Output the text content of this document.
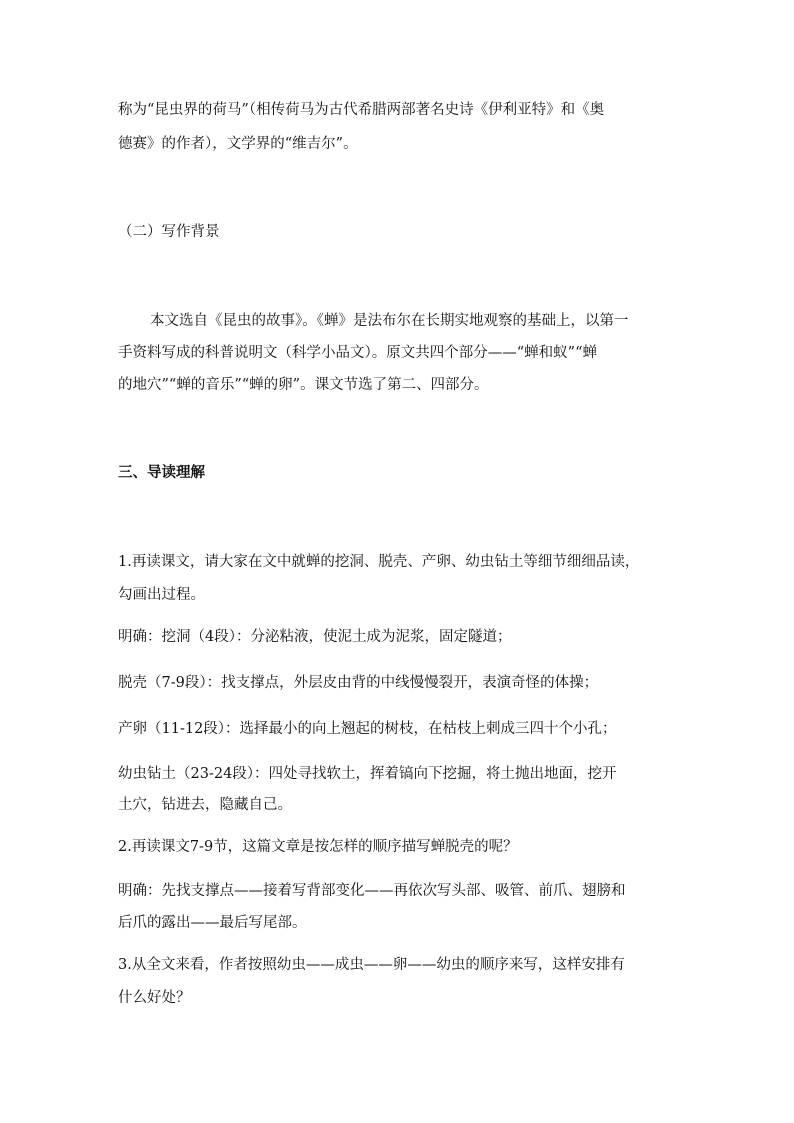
称为“昆虫界的荷马”（相传荷马为古代希腊两部著名史诗《伊利亚特》和《奥
德赛》的作者），文学界的“维吉尔”。
（二）写作背景
本文选自《昆虫的故事》。《蝉》是法布尔在长期实地观察的基础上，以第一
手资料写成的科普说明文（科学小品文）。原文共四个部分——“蝉和蚁”“蝉
的地穴”“蝉的音乐”“蝉的卵”。课文节选了第二、四部分。
三、导读理解
1.再读课文，请大家在文中就蝉的挖洞、脱壳、产卵、幼虫钻土等细节细细品读，
勾画出过程。
明确：挖洞（4段）：分泌粘液，使泥土成为泥浆，固定隧道；
脱壳（7-9段）：找支撑点，外层皮由背的中线慢慢裂开，表演奇怪的体操；
产卵（11-12段）：选择最小的向上翘起的树枝，在枯枝上刺成三四十个小孔；
幼虫钻土（23-24段）：四处寻找软土，挥着镐向下挖掘，将土抛出地面，挖开
土穴，钻进去，隐藏自己。
2.再读课文7-9节，这篇文章是按怎样的顺序描写蝉脱壳的呢？
明确：先找支撑点——接着写背部变化——再依次写头部、吸管、前爪、翅膀和
后爪的露出——最后写尾部。
3.从全文来看，作者按照幼虫——成虫——卵——幼虫的顺序来写，这样安排有
什么好处？
